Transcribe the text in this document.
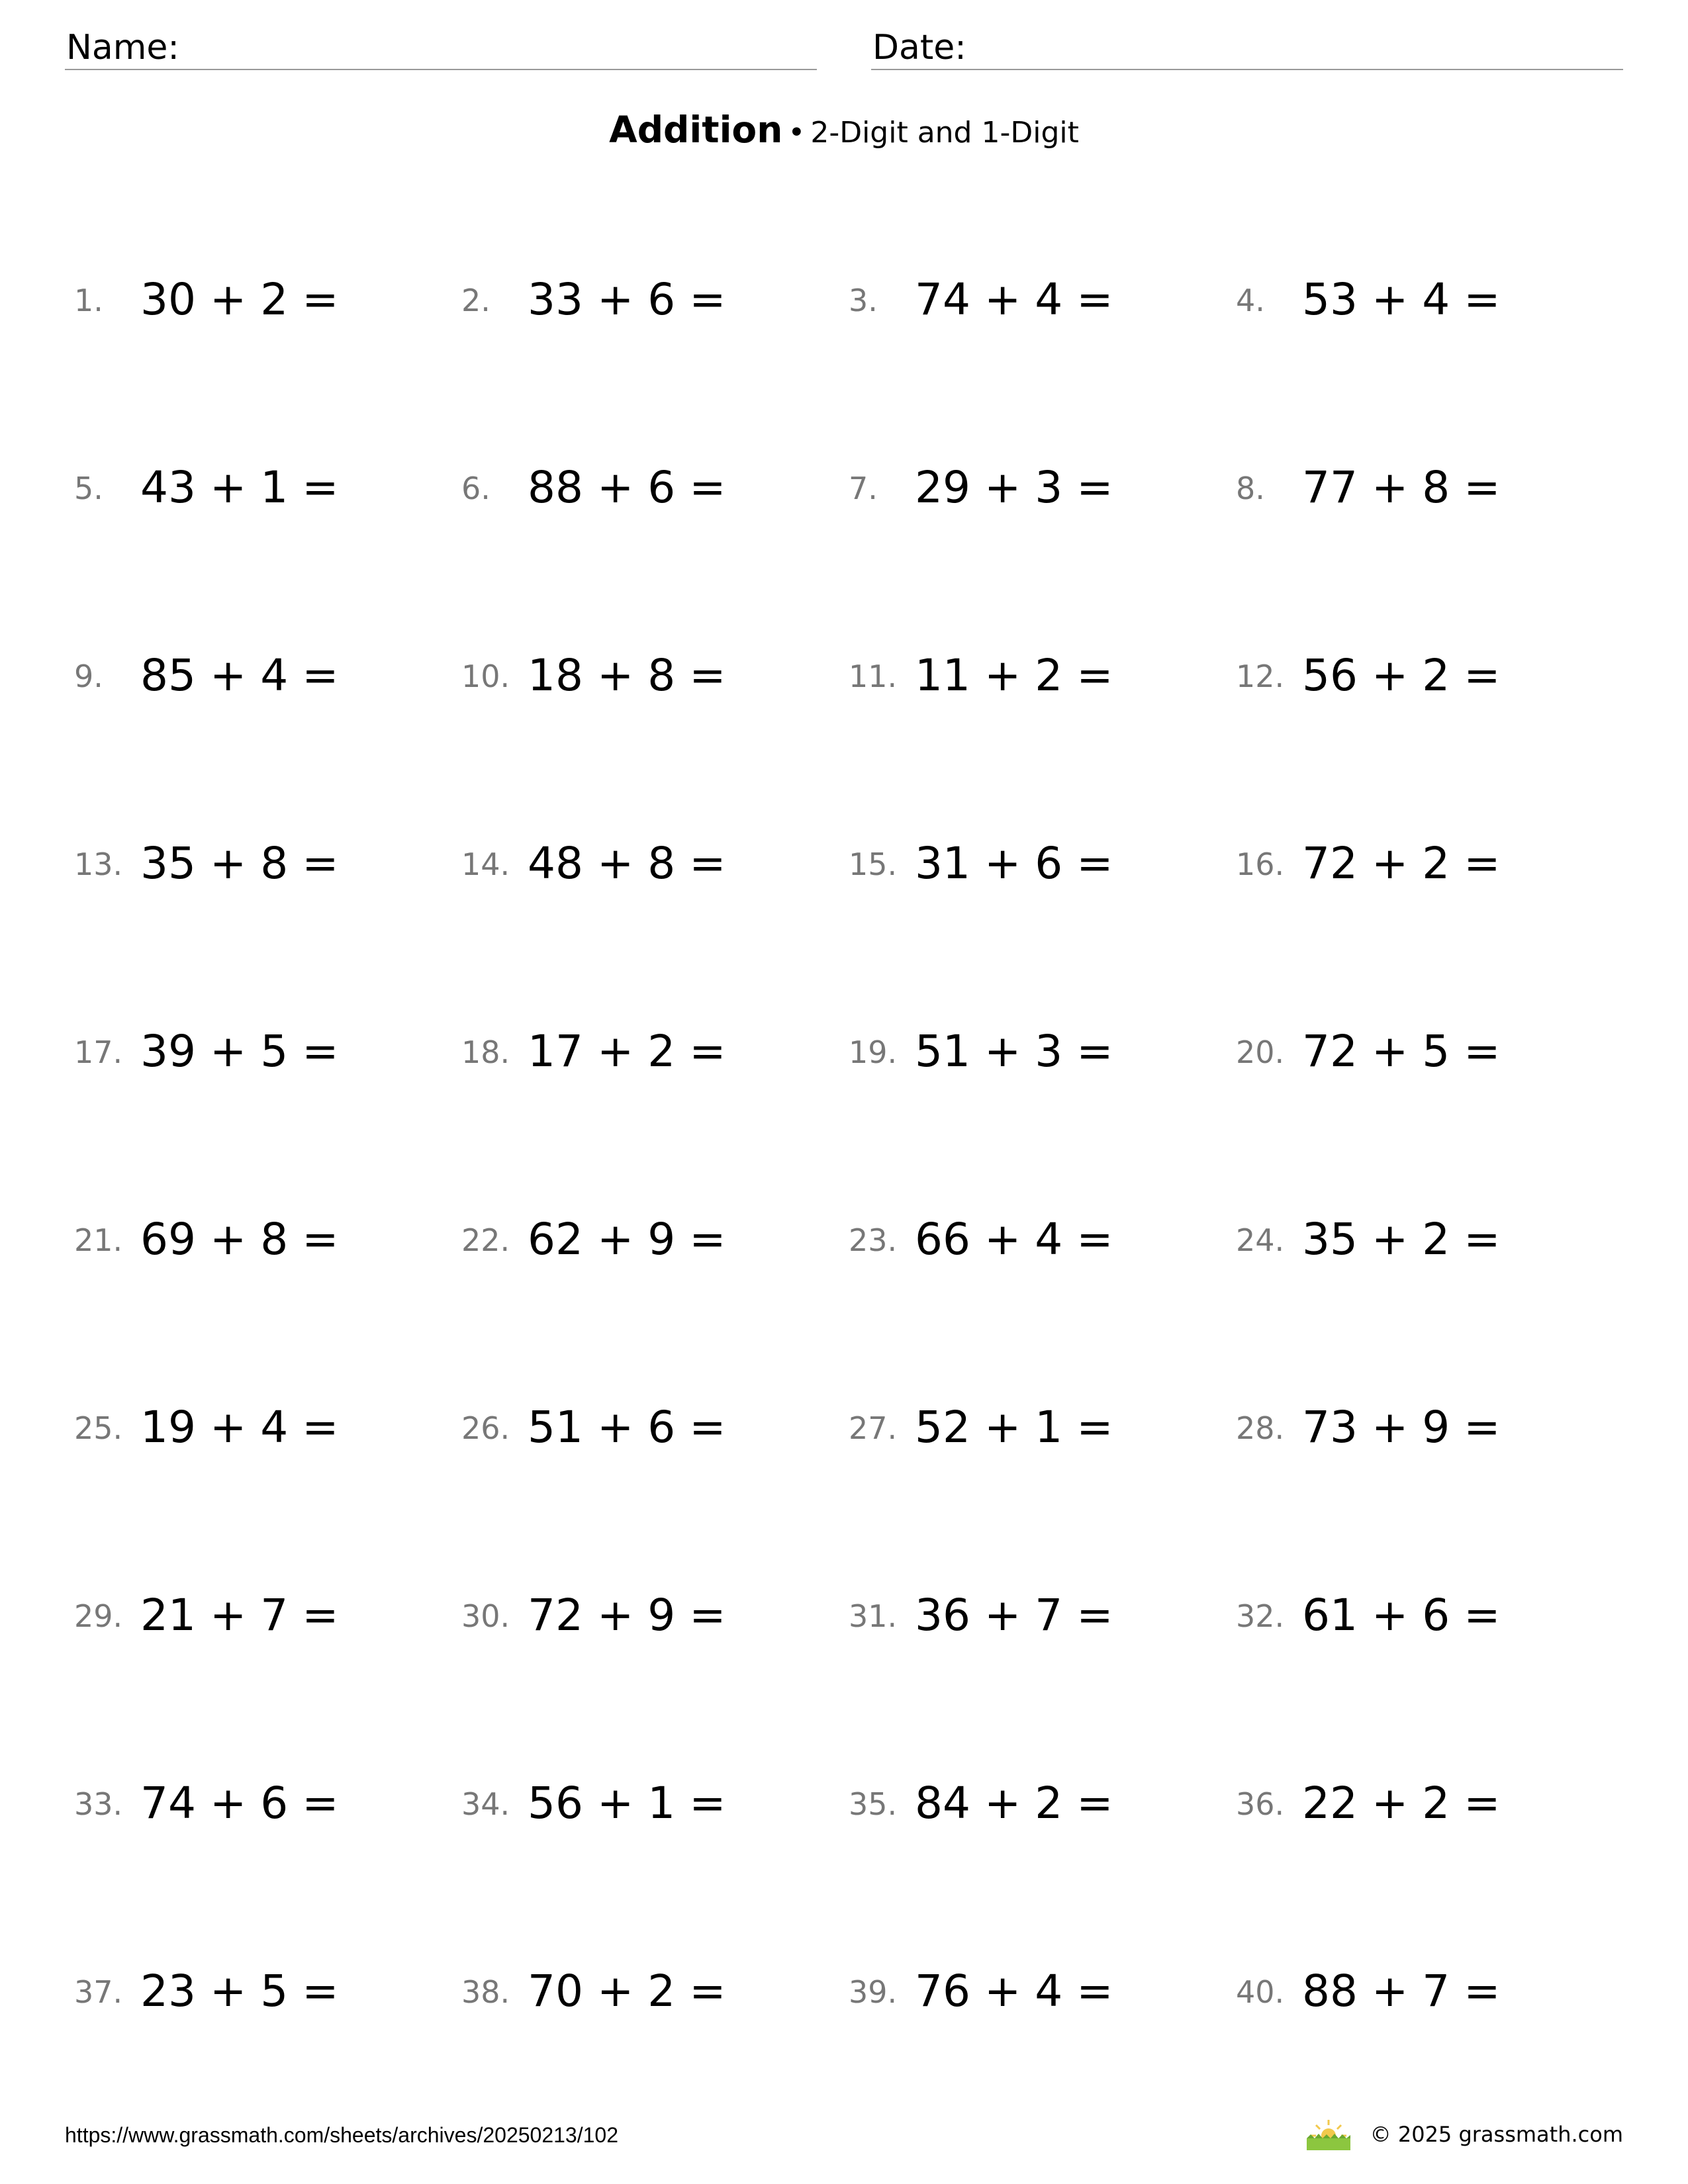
Name:	Date:
Addition • 2-Digit and 1-Digit
1. 30 + 2 =	2. 33 + 6 =	3. 74 + 4 =	4. 53 + 4 =
5. 43 + 1 =	6. 88 + 6 =	7. 29 + 3 =	8. 77 + 8 =
9. 85 + 4 =	10. 18 + 8 =	11. 11 + 2 =	12. 56 + 2 =
13. 35 + 8 =	14. 48 + 8 =	15. 31 + 6 =	16. 72 + 2 =
17. 39 + 5 =	18. 17 + 2 =	19. 51 + 3 =	20. 72 + 5 =
21. 69 + 8 =	22. 62 + 9 =	23. 66 + 4 =	24. 35 + 2 =
25. 19 + 4 =	26. 51 + 6 =	27. 52 + 1 =	28. 73 + 9 =
29. 21 + 7 =	30. 72 + 9 =	31. 36 + 7 =	32. 61 + 6 =
33. 74 + 6 =	34. 56 + 1 =	35. 84 + 2 =	36. 22 + 2 =
37. 23 + 5 =	38. 70 + 2 =	39. 76 + 4 =	40. 88 + 7 =
https://www.grassmath.com/sheets/archives/20250213/102	© 2025 grassmath.com
